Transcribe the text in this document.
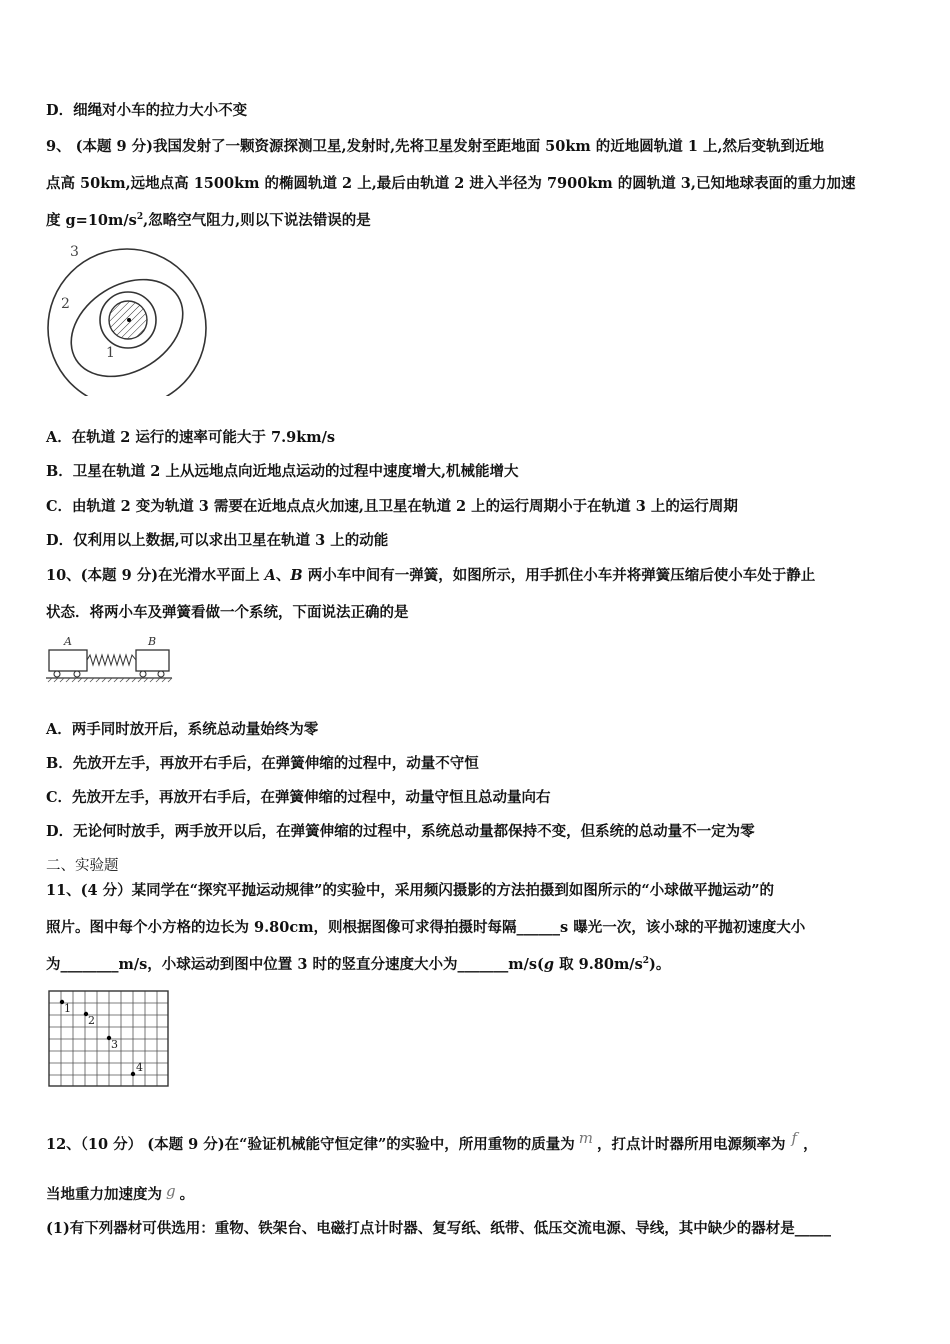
D．细绳对小车的拉力大小不变
9、 (本题 9 分)我国发射了一颗资源探测卫星,发射时,先将卫星发射至距地面 50km 的近地圆轨道 1 上,然后变轨到近地
点高 50km,远地点高 1500km 的椭圆轨道 2 上,最后由轨道 2 进入半径为 7900km 的圆轨道 3,已知地球表面的重力加速
度 $g=10m/s^2$,忽略空气阻力,则以下说法错误的是
3
2
1
A．在轨道 2 运行的速率可能大于 7.9km/s
B．卫星在轨道 2 上从远地点向近地点运动的过程中速度增大,机械能增大
C．由轨道 2 变为轨道 3 需要在近地点点火加速,且卫星在轨道 2 上的运行周期小于在轨道 3 上的运行周期
D．仅利用以上数据,可以求出卫星在轨道 3 上的动能
10、(本题 9 分)在光滑水平面上 A、B 两小车中间有一弹簧，如图所示，用手抓住小车并将弹簧压缩后使小车处于静止
状态．将两小车及弹簧看做一个系统，下面说法正确的是
A	B
A．两手同时放开后，系统总动量始终为零
B．先放开左手，再放开右手后，在弹簧伸缩的过程中，动量不守恒
C．先放开左手，再放开右手后，在弹簧伸缩的过程中，动量守恒且总动量向右
D．无论何时放手，两手放开以后，在弹簧伸缩的过程中，系统总动量都保持不变，但系统的总动量不一定为零
二、实验题
11、(4 分）某同学在“探究平抛运动规律”的实验中，采用频闪摄影的方法拍摄到如图所示的“小球做平抛运动”的
照片。图中每个小方格的边长为 9.80cm，则根据图像可求得拍摄时每隔______s 曝光一次，该小球的平抛初速度大小
为________m/s，小球运动到图中位置 3 时的竖直分速度大小为_______m/s(g 取 $9.80m/s^2$)。
1
2
3
4
12、（10 分） (本题 9 分)在“验证机械能守恒定律”的实验中，所用重物的质量为 m ，打点计时器所用电源频率为 f ，
当地重力加速度为 g 。
(1)有下列器材可供选用：重物、铁架台、电磁打点计时器、复写纸、纸带、低压交流电源、导线，其中缺少的器材是_____
